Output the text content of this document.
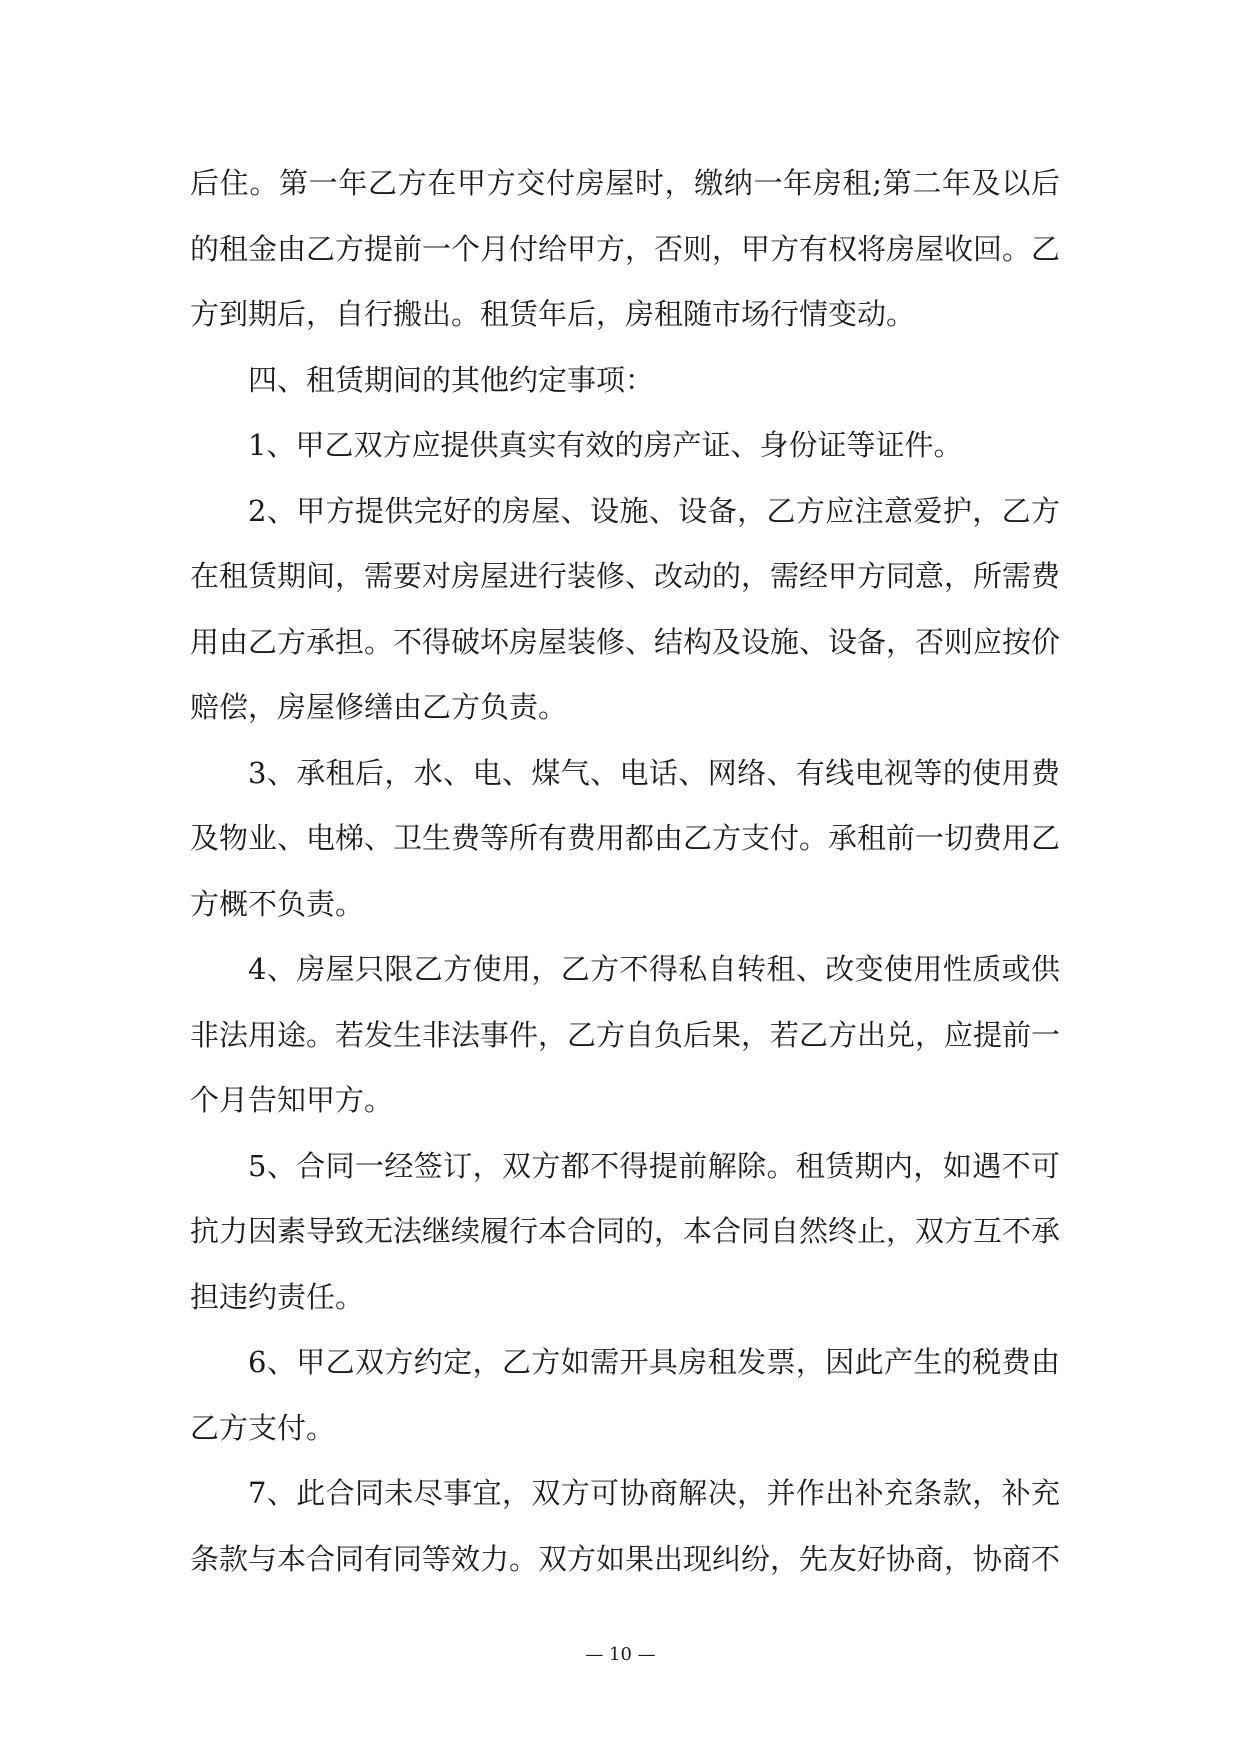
后住。第一年乙方在甲方交付房屋时，缴纳一年房租;第二年及以后
的租金由乙方提前一个月付给甲方，否则，甲方有权将房屋收回。乙
方到期后，自行搬出。租赁年后，房租随市场行情变动。
四、租赁期间的其他约定事项：
1、甲乙双方应提供真实有效的房产证、身份证等证件。
2、甲方提供完好的房屋、设施、设备，乙方应注意爱护，乙方
在租赁期间，需要对房屋进行装修、改动的，需经甲方同意，所需费
用由乙方承担。不得破坏房屋装修、结构及设施、设备，否则应按价
赔偿，房屋修缮由乙方负责。
3、承租后，水、电、煤气、电话、网络、有线电视等的使用费
及物业、电梯、卫生费等所有费用都由乙方支付。承租前一切费用乙
方概不负责。
4、房屋只限乙方使用，乙方不得私自转租、改变使用性质或供
非法用途。若发生非法事件，乙方自负后果，若乙方出兑，应提前一
个月告知甲方。
5、合同一经签订，双方都不得提前解除。租赁期内，如遇不可
抗力因素导致无法继续履行本合同的，本合同自然终止，双方互不承
担违约责任。
6、甲乙双方约定，乙方如需开具房租发票，因此产生的税费由
乙方支付。
7、此合同未尽事宜，双方可协商解决，并作出补充条款，补充
条款与本合同有同等效力。双方如果出现纠纷，先友好协商，协商不
— 10 —
